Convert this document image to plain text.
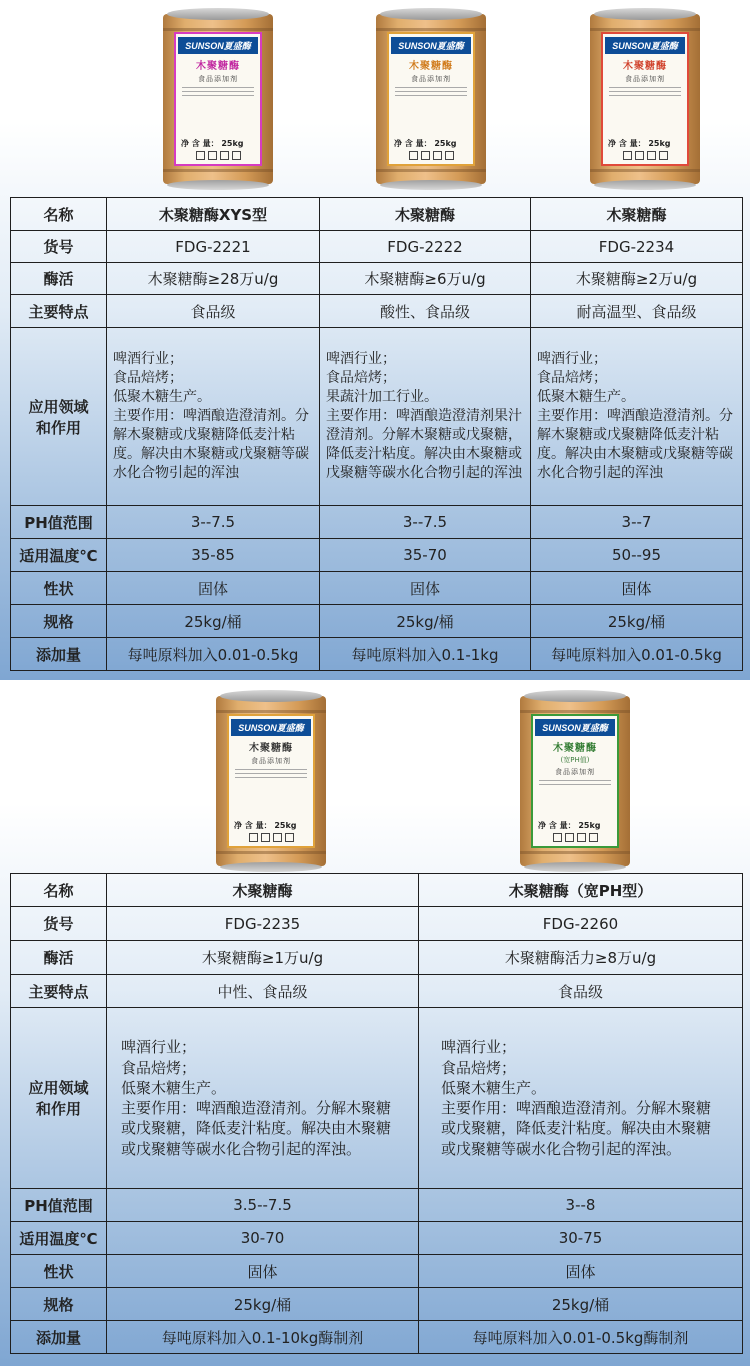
SUNSON夏盛酶
木聚糖酶
食品添加剂
净 含 量： 25kg
SUNSON夏盛酶
木聚糖酶
食品添加剂
净 含 量： 25kg
SUNSON夏盛酶
木聚糖酶
食品添加剂
净 含 量： 25kg
名称	木聚糖酶XYS型	木聚糖酶	木聚糖酶
货号	FDG-2221	FDG-2222	FDG-2234
酶活	木聚糖酶≥28万u/g	木聚糖酶≥6万u/g	木聚糖酶≥2万u/g
主要特点	食品级	酸性、食品级	耐高温型、食品级
应用领域
和作用	啤酒行业；
食品焙烤；
低聚木糖生产。
主要作用：啤酒酿造澄清剂。分解木聚糖或戊聚糖降低麦汁粘度。解决由木聚糖或戊聚糖等碳水化合物引起的浑浊	啤酒行业；
食品焙烤；
果蔬汁加工行业。
主要作用：啤酒酿造澄清剂果汁澄清剂。分解木聚糖或戊聚糖，降低麦汁粘度。解决由木聚糖或戊聚糖等碳水化合物引起的浑浊	啤酒行业；
食品焙烤；
低聚木糖生产。
主要作用：啤酒酿造澄清剂。分解木聚糖或戊聚糖降低麦汁粘度。解决由木聚糖或戊聚糖等碳水化合物引起的浑浊
PH值范围	3--7.5	3--7.5	3--7
适用温度℃	35-85	35-70	50--95
性状	固体	固体	固体
规格	25kg/桶	25kg/桶	25kg/桶
添加量	每吨原料加入0.01-0.5kg	每吨原料加入0.1-1kg	每吨原料加入0.01-0.5kg
SUNSON夏盛酶
木聚糖酶
食品添加剂
净 含 量： 25kg
SUNSON夏盛酶
木聚糖酶
(宽PH值)
食品添加剂
净 含 量： 25kg
名称	木聚糖酶	木聚糖酶（宽PH型）
货号	FDG-2235	FDG-2260
酶活	木聚糖酶≥1万u/g	木聚糖酶活力≥8万u/g
主要特点	中性、食品级	食品级
应用领域
和作用	啤酒行业；
食品焙烤；
低聚木糖生产。
主要作用：啤酒酿造澄清剂。分解木聚糖或戊聚糖，降低麦汁粘度。解决由木聚糖或戊聚糖等碳水化合物引起的浑浊。	啤酒行业；
食品焙烤；
低聚木糖生产。
主要作用：啤酒酿造澄清剂。分解木聚糖或戊聚糖，降低麦汁粘度。解决由木聚糖或戊聚糖等碳水化合物引起的浑浊。
PH值范围	3.5--7.5	3--8
适用温度℃	30-70	30-75
性状	固体	固体
规格	25kg/桶	25kg/桶
添加量	每吨原料加入0.1-10kg酶制剂	每吨原料加入0.01-0.5kg酶制剂
